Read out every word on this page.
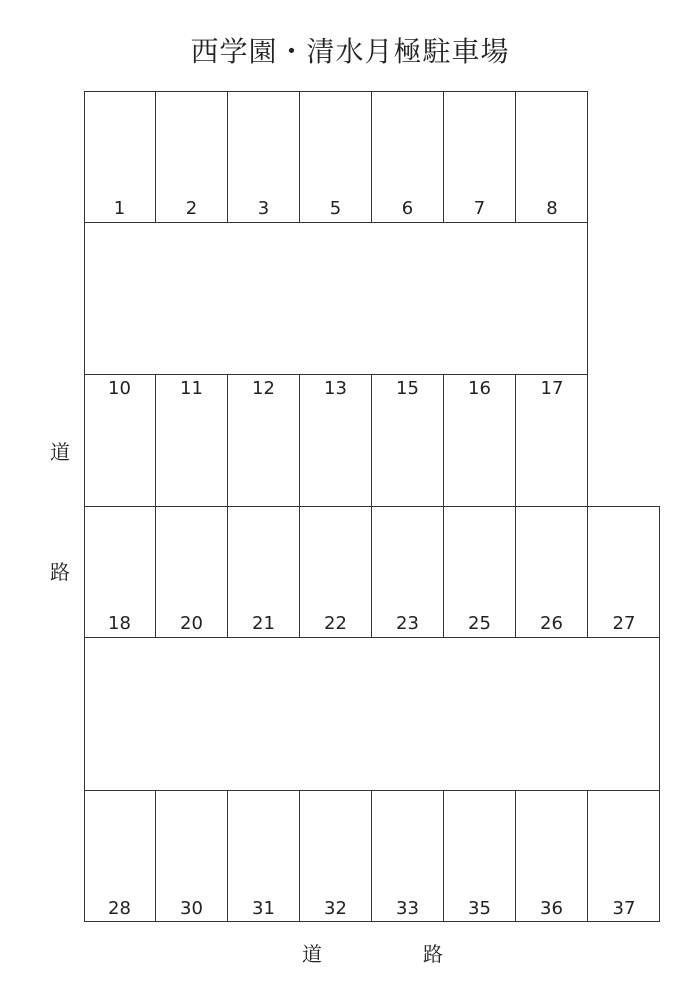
西学園・清水月極駐車場
1	2	3	5	6	7	8
10	11	12	13	15	16	17
18	20	21	22	23	25	26	27
28	30	31	32	33	35	36	37
道
路
道	路
